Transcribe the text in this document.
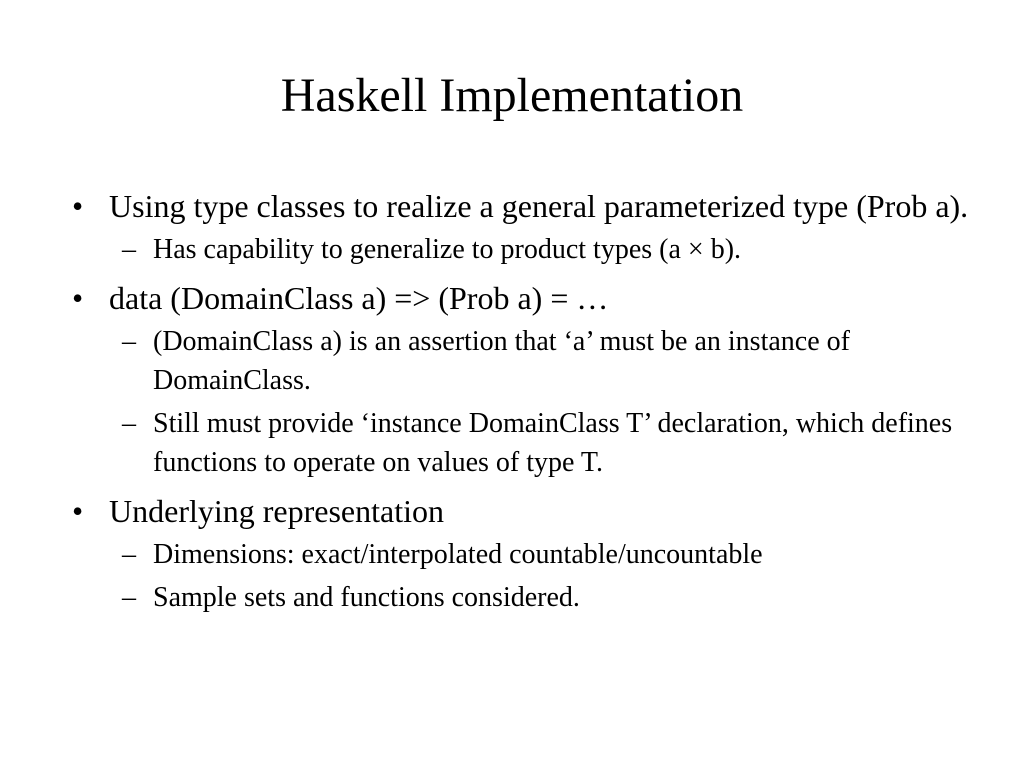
Haskell Implementation
• Using type classes to realize a general parameterized type (Prob a).
– Has capability to generalize to product types (a × b).
• data (DomainClass a) => (Prob a) = …
– (DomainClass a) is an assertion that ‘a’ must be an instance of DomainClass.
– Still must provide ‘instance DomainClass T’ declaration, which defines functions to operate on values of type T.
• Underlying representation
– Dimensions: exact/interpolated countable/uncountable
– Sample sets and functions considered.
